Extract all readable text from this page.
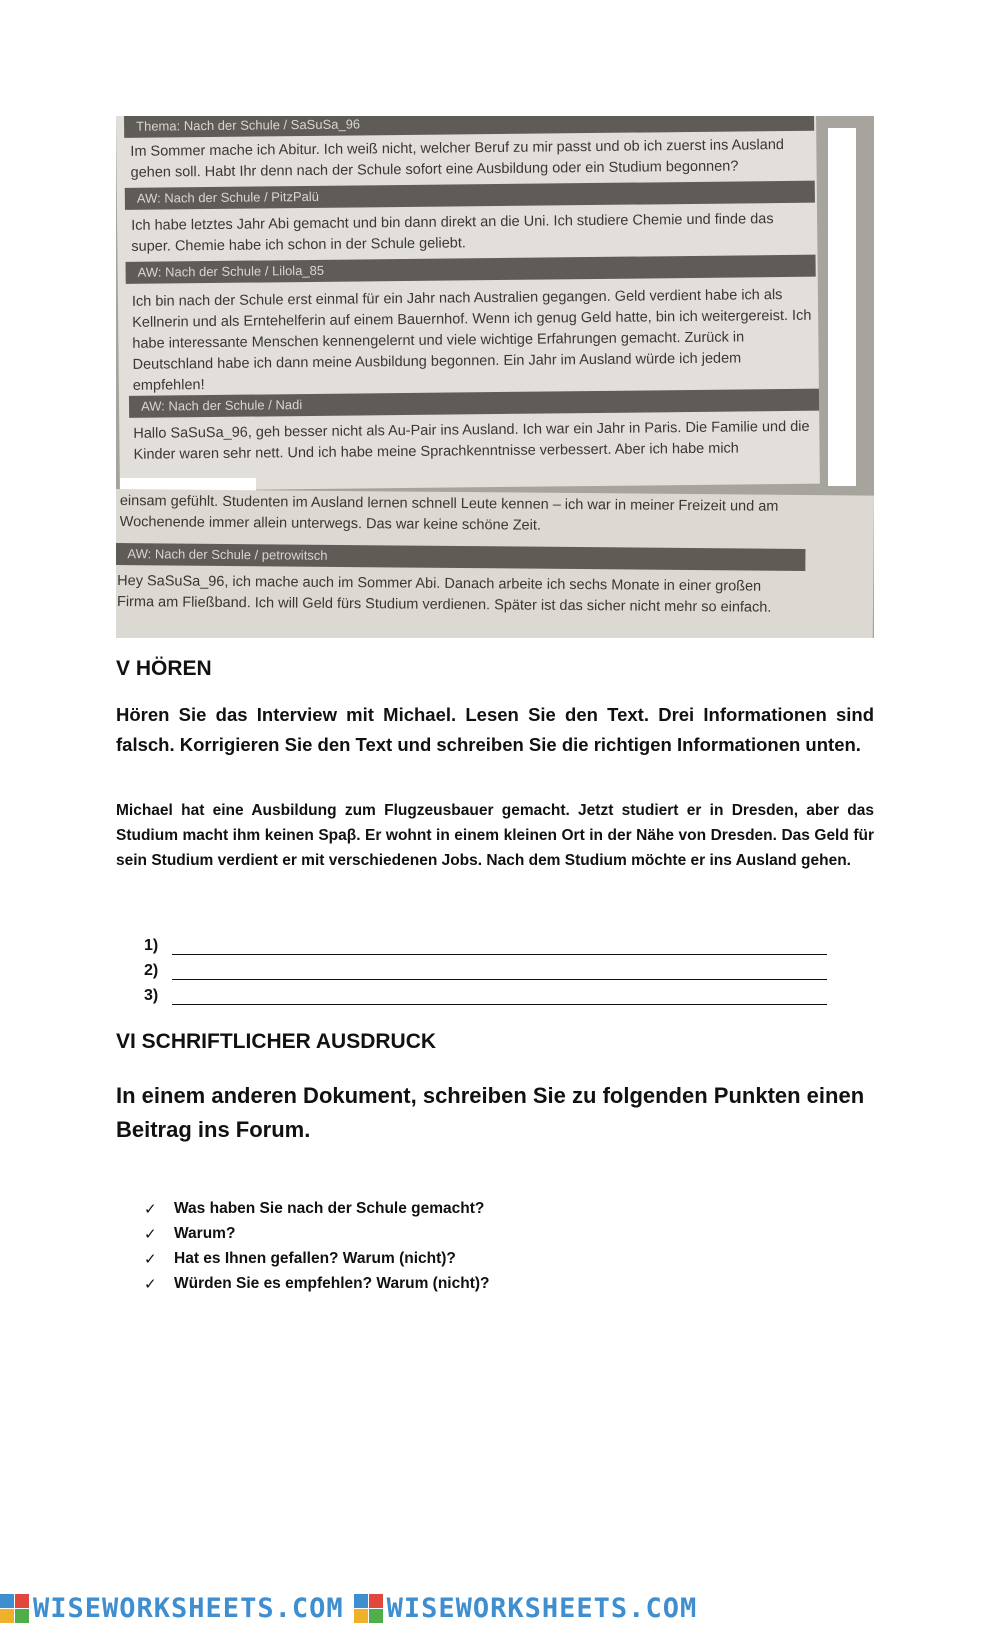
Thema: Nach der Schule / SaSuSa_96
Im Sommer mache ich Abitur. Ich weiß nicht, welcher Beruf zu mir passt und ob ich zuerst ins Ausland gehen soll. Habt Ihr denn nach der Schule sofort eine Ausbildung oder ein Studium begonnen?
AW: Nach der Schule / PitzPalü
Ich habe letztes Jahr Abi gemacht und bin dann direkt an die Uni. Ich studiere Chemie und finde das super. Chemie habe ich schon in der Schule geliebt.
AW: Nach der Schule / Lilola_85
Ich bin nach der Schule erst einmal für ein Jahr nach Australien gegangen. Geld verdient habe ich als Kellnerin und als Erntehelferin auf einem Bauernhof. Wenn ich genug Geld hatte, bin ich weitergereist. Ich habe interessante Menschen kennengelernt und viele wichtige Erfahrungen gemacht. Zurück in Deutschland habe ich dann meine Ausbildung begonnen. Ein Jahr im Ausland würde ich jedem empfehlen!
AW: Nach der Schule / Nadi
Hallo SaSuSa_96, geh besser nicht als Au-Pair ins Ausland. Ich war ein Jahr in Paris. Die Familie und die Kinder waren sehr nett. Und ich habe meine Sprachkenntnisse verbessert. Aber ich habe mich
einsam gefühlt. Studenten im Ausland lernen schnell Leute kennen – ich war in meiner Freizeit und am Wochenende immer allein unterwegs. Das war keine schöne Zeit.
AW: Nach der Schule / petrowitsch
Hey SaSuSa_96, ich mache auch im Sommer Abi. Danach arbeite ich sechs Monate in einer großen Firma am Fließband. Ich will Geld fürs Studium verdienen. Später ist das sicher nicht mehr so einfach.
V HÖREN
Hören Sie das Interview mit Michael. Lesen Sie den Text. Drei Informationen sind falsch. Korrigieren Sie den Text und schreiben Sie die richtigen Informationen unten.
Michael hat eine Ausbildung zum Flugzeusbauer gemacht. Jetzt studiert er in Dresden, aber das Studium macht ihm keinen Spaβ. Er wohnt in einem kleinen Ort in der Nähe von Dresden. Das Geld für sein Studium verdient er mit verschiedenen Jobs. Nach dem Studium möchte er ins Ausland gehen.
1)
2)
3)
VI SCHRIFTLICHER AUSDRUCK
In einem anderen Dokument, schreiben Sie zu folgenden Punkten einen Beitrag ins Forum.
✓	Was haben Sie nach der Schule gemacht?
✓	Warum?
✓	Hat es Ihnen gefallen? Warum (nicht)?
✓	Würden Sie es empfehlen? Warum (nicht)?
WISEWORKSHEETS.COM WISEWORKSHEETS.COM
